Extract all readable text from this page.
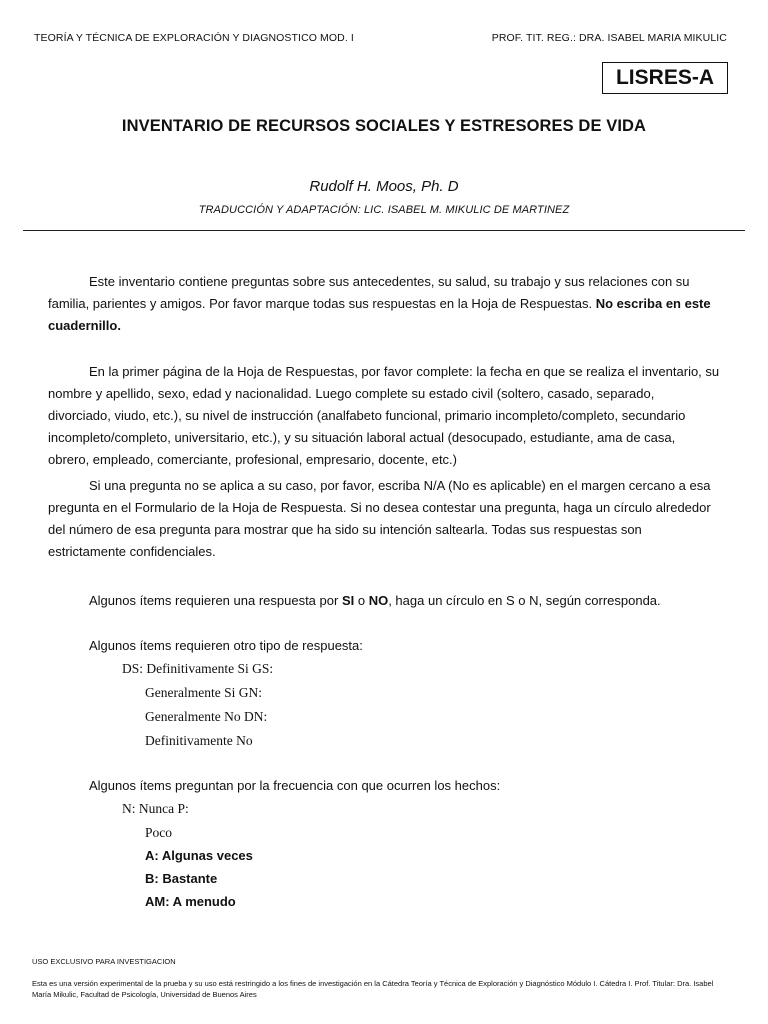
TEORÍA Y TÉCNICA DE EXPLORACIÓN Y DIAGNOSTICO MOD. I	PROF. TIT. REG.: DRA. ISABEL MARIA MIKULIC
LISRES-A
INVENTARIO DE RECURSOS SOCIALES Y ESTRESORES DE VIDA
Rudolf H. Moos, Ph. D
TRADUCCIÓN Y ADAPTACIÓN: LIC. ISABEL M. MIKULIC DE MARTINEZ

Este inventario contiene preguntas sobre sus antecedentes, su salud, su trabajo y sus relaciones con su familia, parientes y amigos. Por favor marque todas sus respuestas en la Hoja de Respuestas. No escriba en este cuadernillo.

En la primer página de la Hoja de Respuestas, por favor complete: la fecha en que se realiza el inventario, su nombre y apellido, sexo, edad y nacionalidad. Luego complete su estado civil (soltero, casado, separado, divorciado, viudo, etc.), su nivel de instrucción (analfabeto funcional, primario incompleto/completo, secundario incompleto/completo, universitario, etc.), y su situación laboral actual (desocupado, estudiante, ama de casa, obrero, empleado, comerciante, profesional, empresario, docente, etc.)

Si una pregunta no se aplica a su caso, por favor, escriba N/A (No es aplicable) en el margen cercano a esa pregunta en el Formulario de la Hoja de Respuesta. Si no desea contestar una pregunta, haga un círculo alrededor del número de esa pregunta para mostrar que ha sido su intención saltearla. Todas sus respuestas son estrictamente confidenciales.

Algunos ítems requieren una respuesta por SI o NO, haga un círculo en S o N, según corresponda.
Algunos ítems requieren otro tipo de respuesta:
DS: Definitivamente Si GS:
Generalmente Si GN:
Generalmente No DN:
Definitivamente No
Algunos ítems preguntan por la frecuencia con que ocurren los hechos:
N: Nunca P:
Poco
A: Algunas veces
B: Bastante
AM: A menudo
USO EXCLUSIVO PARA INVESTIGACION
Esta es una versión experimental de la prueba y su uso está restringido a los fines de investigación en la Cátedra Teoría y Técnica de Exploración y Diagnóstico Módulo I. Cátedra I. Prof. Titular: Dra. Isabel María Mikulic, Facultad de Psicología, Universidad de Buenos Aires
